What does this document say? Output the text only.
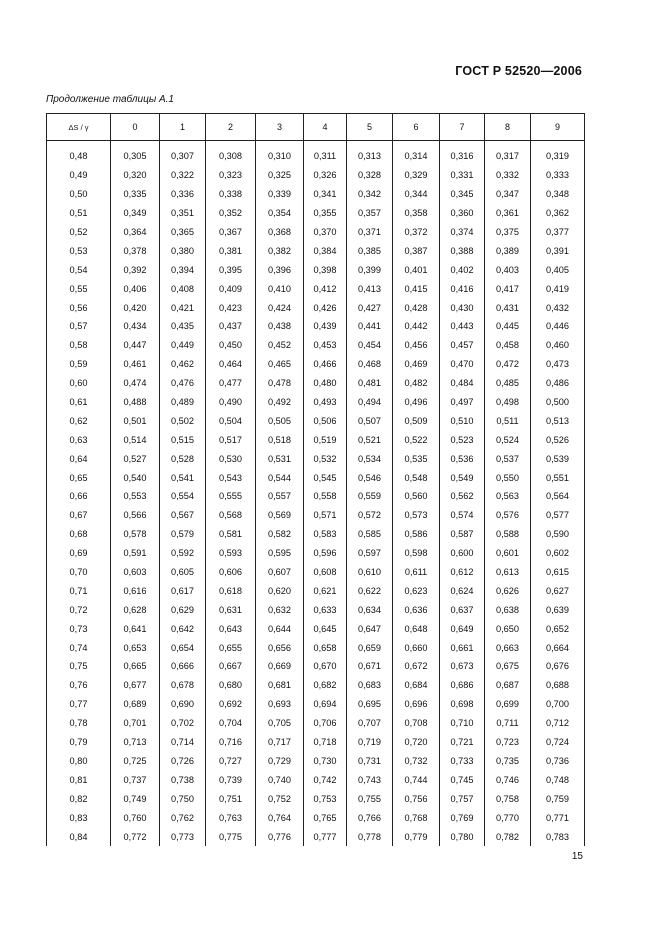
ГОСТ Р 52520—2006
Продолжение таблицы А.1
ΔS / γ	0	1	2	3	4	5	6	7	8	9
0,48	0,305	0,307	0,308	0,310	0,311	0,313	0,314	0,316	0,317	0,319
0,49	0,320	0,322	0,323	0,325	0,326	0,328	0,329	0,331	0,332	0,333
0,50	0,335	0,336	0,338	0,339	0,341	0,342	0,344	0,345	0,347	0,348
0,51	0,349	0,351	0,352	0,354	0,355	0,357	0,358	0,360	0,361	0,362
0,52	0,364	0,365	0,367	0,368	0,370	0,371	0,372	0,374	0,375	0,377
0,53	0,378	0,380	0,381	0,382	0,384	0,385	0,387	0,388	0,389	0,391
0,54	0,392	0,394	0,395	0,396	0,398	0,399	0,401	0,402	0,403	0,405
0,55	0,406	0,408	0,409	0,410	0,412	0,413	0,415	0,416	0,417	0,419
0,56	0,420	0,421	0,423	0,424	0,426	0,427	0,428	0,430	0,431	0,432
0,57	0,434	0,435	0,437	0,438	0,439	0,441	0,442	0,443	0,445	0,446
0,58	0,447	0,449	0,450	0,452	0,453	0,454	0,456	0,457	0,458	0,460
0,59	0,461	0,462	0,464	0,465	0,466	0,468	0,469	0,470	0,472	0,473
0,60	0,474	0,476	0,477	0,478	0,480	0,481	0,482	0,484	0,485	0,486
0,61	0,488	0,489	0,490	0,492	0,493	0,494	0,496	0,497	0,498	0,500
0,62	0,501	0,502	0,504	0,505	0,506	0,507	0,509	0,510	0,511	0,513
0,63	0,514	0,515	0,517	0,518	0,519	0,521	0,522	0,523	0,524	0,526
0,64	0,527	0,528	0,530	0,531	0,532	0,534	0,535	0,536	0,537	0,539
0,65	0,540	0,541	0,543	0,544	0,545	0,546	0,548	0,549	0,550	0,551
0,66	0,553	0,554	0,555	0,557	0,558	0,559	0,560	0,562	0,563	0,564
0,67	0,566	0,567	0,568	0,569	0,571	0,572	0,573	0,574	0,576	0,577
0,68	0,578	0,579	0,581	0,582	0,583	0,585	0,586	0,587	0,588	0,590
0,69	0,591	0,592	0,593	0,595	0,596	0,597	0,598	0,600	0,601	0,602
0,70	0,603	0,605	0,606	0,607	0,608	0,610	0,611	0,612	0,613	0,615
0,71	0,616	0,617	0,618	0,620	0,621	0,622	0,623	0,624	0,626	0,627
0,72	0,628	0,629	0,631	0,632	0,633	0,634	0,636	0,637	0,638	0,639
0,73	0,641	0,642	0,643	0,644	0,645	0,647	0,648	0,649	0,650	0,652
0,74	0,653	0,654	0,655	0,656	0,658	0,659	0,660	0,661	0,663	0,664
0,75	0,665	0,666	0,667	0,669	0,670	0,671	0,672	0,673	0,675	0,676
0,76	0,677	0,678	0,680	0,681	0,682	0,683	0,684	0,686	0,687	0,688
0,77	0,689	0,690	0,692	0,693	0,694	0,695	0,696	0,698	0,699	0,700
0,78	0,701	0,702	0,704	0,705	0,706	0,707	0,708	0,710	0,711	0,712
0,79	0,713	0,714	0,716	0,717	0,718	0,719	0,720	0,721	0,723	0,724
0,80	0,725	0,726	0,727	0,729	0,730	0,731	0,732	0,733	0,735	0,736
0,81	0,737	0,738	0,739	0,740	0,742	0,743	0,744	0,745	0,746	0,748
0,82	0,749	0,750	0,751	0,752	0,753	0,755	0,756	0,757	0,758	0,759
0,83	0,760	0,762	0,763	0,764	0,765	0,766	0,768	0,769	0,770	0,771
0,84	0,772	0,773	0,775	0,776	0,777	0,778	0,779	0,780	0,782	0,783
15
